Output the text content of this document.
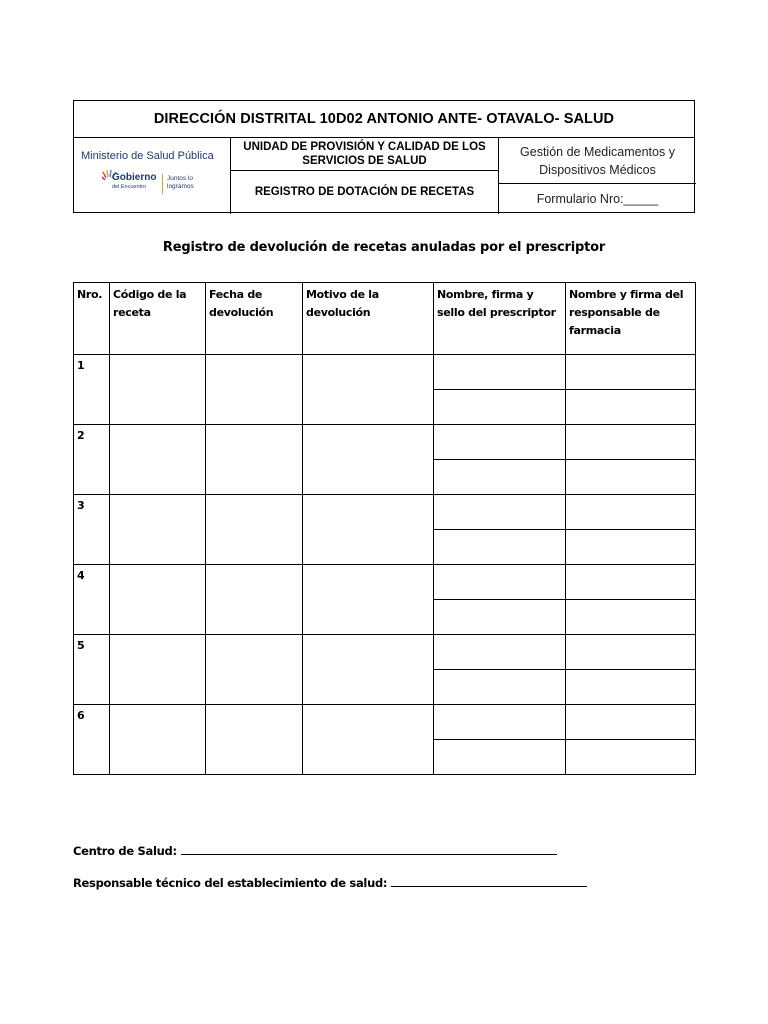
DIRECCIÓN DISTRITAL 10D02 ANTONIO ANTE- OTAVALO- SALUD
Ministerio de Salud Pública
Gobierno
del Encuentro
Juntos lo logramos
UNIDAD DE PROVISIÓN Y CALIDAD DE LOS SERVICIOS DE SALUD
REGISTRO DE DOTACIÓN DE RECETAS
Gestión de Medicamentos y Dispositivos Médicos
Formulario Nro:_____
Registro de devolución de recetas anuladas por el prescriptor
Nro.	Código de la receta	Fecha de devolución	Motivo de la devolución	Nombre, firma y sello del prescriptor	Nombre y firma del responsable de farmacia
1					

2					

3					

4					

5					

6					

Centro de Salud:
Responsable técnico del establecimiento de salud:
